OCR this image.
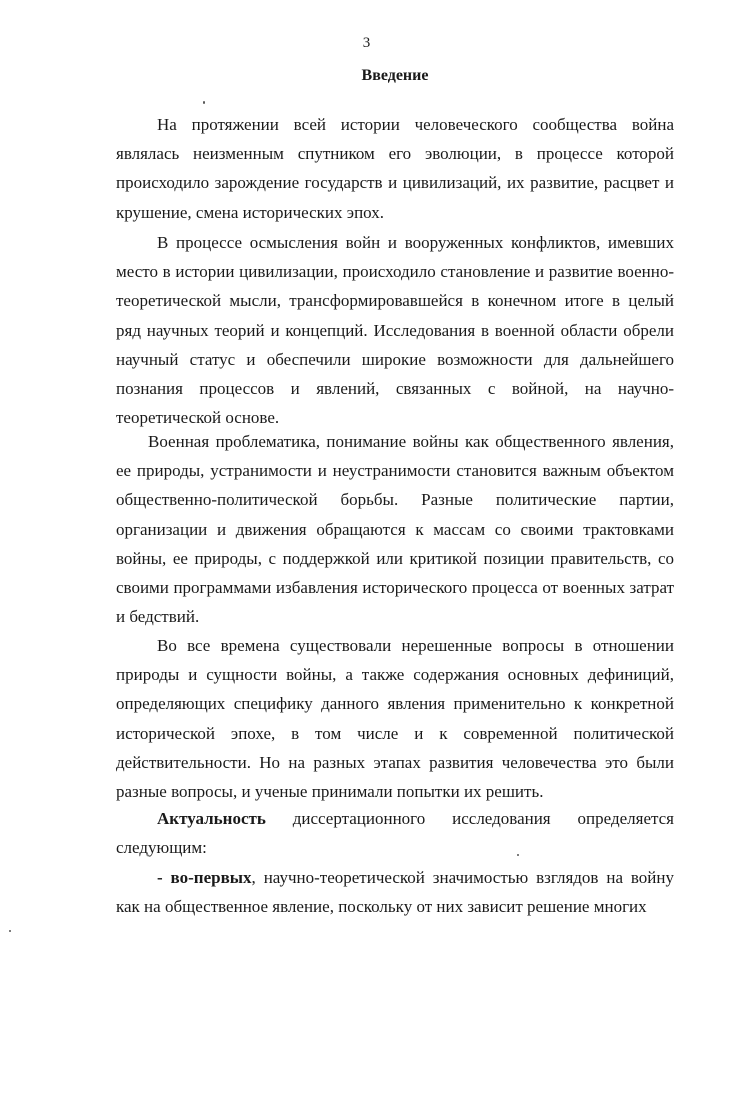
3
Введение

На протяжении всей истории человеческого сообщества война являлась неизменным спутником его эволюции, в процессе которой происходило зарождение государств и цивилизаций, их развитие, расцвет и крушение, смена исторических эпох.

В процессе осмысления войн и вооруженных конфликтов, имевших место в истории цивилизации, происходило становление и развитие военно-теоретической мысли, трансформировавшейся в конечном итоге в целый ряд научных теорий и концепций. Исследования в военной области обрели научный статус и обеспечили широкие возможности для дальнейшего познания процессов и явлений, связанных с войной, на научно-теоретической основе.

Военная проблематика, понимание войны как общественного явления, ее природы, устранимости и неустранимости становится важным объектом общественно-политической борьбы. Разные политические партии, организации и движения обращаются к массам со своими трактовками войны, ее природы, с поддержкой или критикой позиции правительств, со своими программами избавления исторического процесса от военных затрат и бедствий.

Во все времена существовали нерешенные вопросы в отношении природы и сущности войны, а также содержания основных дефиниций, определяющих специфику данного явления применительно к конкретной исторической эпохе, в том числе и к современной политической действительности. Но на разных этапах развития человечества это были разные вопросы, и ученые принимали попытки их решить.

Актуальность диссертационного исследования определяется следующим:

- во-первых, научно-теоретической значимостью взглядов на войну как на общественное явление, поскольку от них зависит решение многих
